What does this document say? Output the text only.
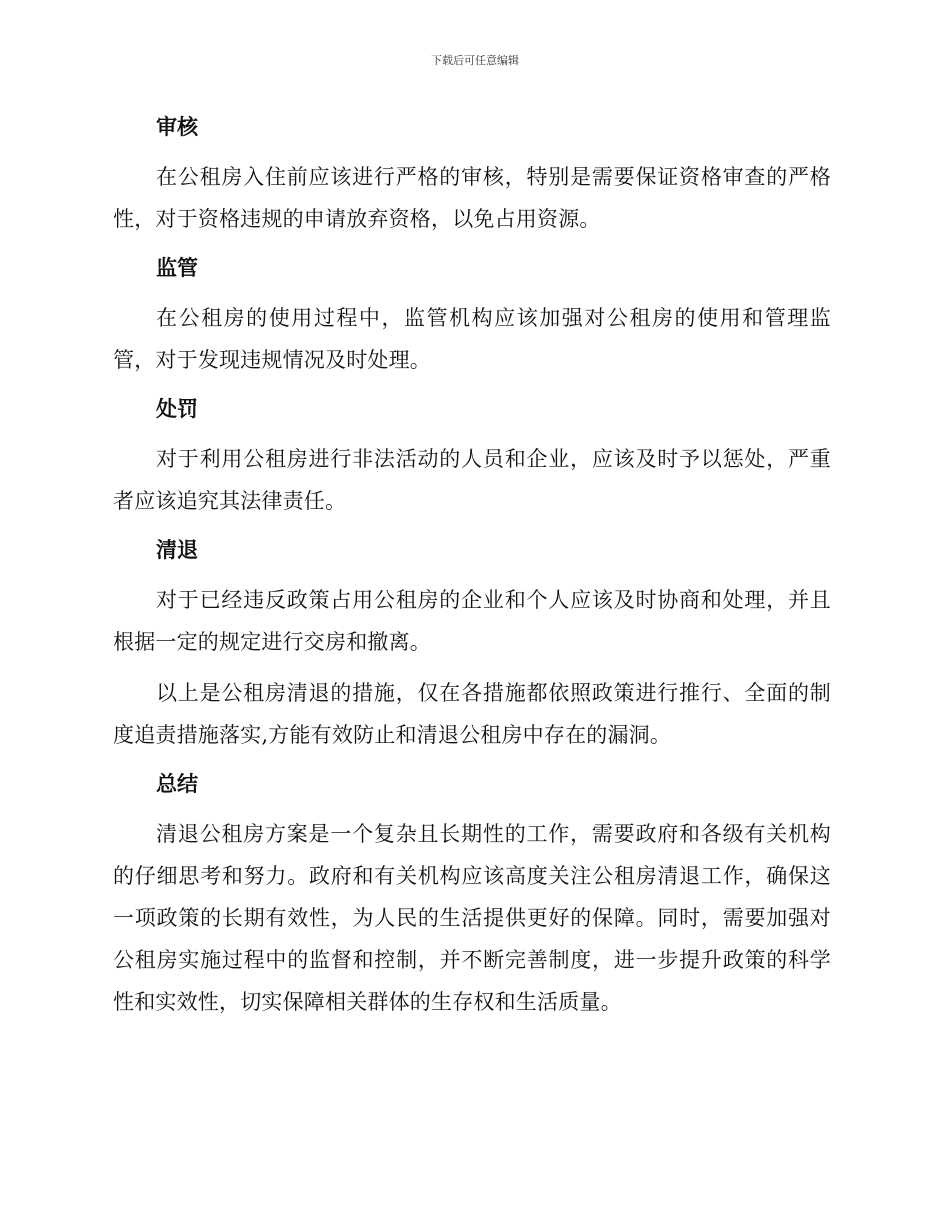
下载后可任意编辑
审核

在公租房入住前应该进行严格的审核，特别是需要保证资格审查的严格性，对于资格违规的申请放弃资格，以免占用资源。

监管

在公租房的使用过程中，监管机构应该加强对公租房的使用和管理监管，对于发现违规情况及时处理。

处罚

对于利用公租房进行非法活动的人员和企业，应该及时予以惩处，严重者应该追究其法律责任。

清退

对于已经违反政策占用公租房的企业和个人应该及时协商和处理，并且根据一定的规定进行交房和撤离。

以上是公租房清退的措施，仅在各措施都依照政策进行推行、全面的制度追责措施落实,方能有效防止和清退公租房中存在的漏洞。

总结

清退公租房方案是一个复杂且长期性的工作，需要政府和各级有关机构的仔细思考和努力。政府和有关机构应该高度关注公租房清退工作，确保这一项政策的长期有效性，为人民的生活提供更好的保障。同时，需要加强对公租房实施过程中的监督和控制，并不断完善制度，进一步提升政策的科学性和实效性，切实保障相关群体的生存权和生活质量。
